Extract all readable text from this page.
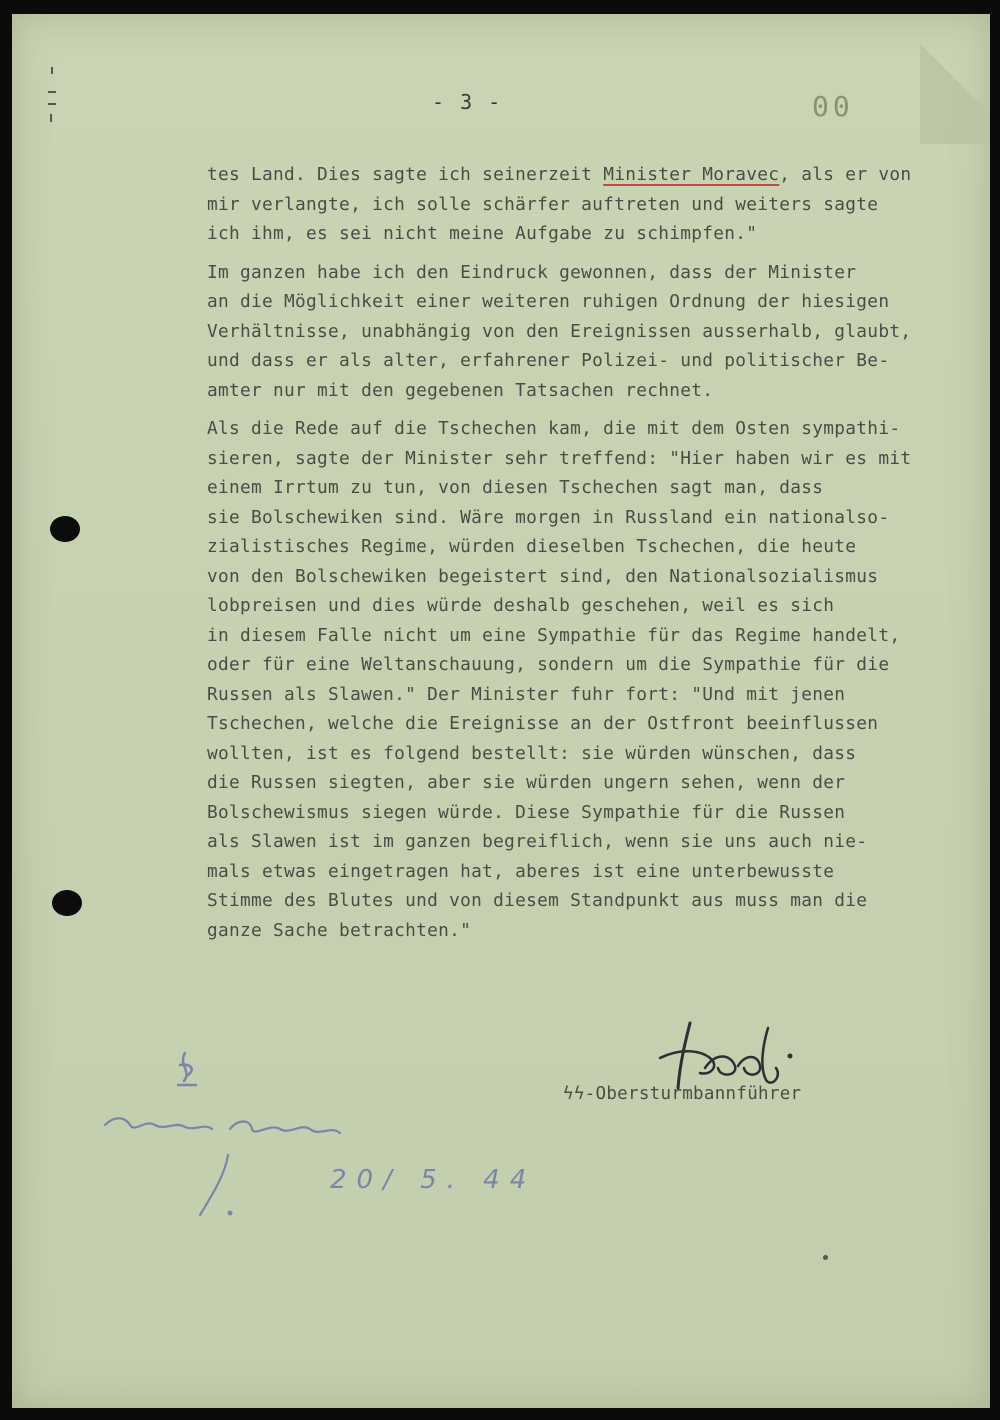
- 3 -	00
tes Land. Dies sagte ich seinerzeit Minister Moravec, als er von
mir verlangte, ich solle schärfer auftreten und weiters sagte
ich ihm, es sei nicht meine Aufgabe zu schimpfen."
Im ganzen habe ich den Eindruck gewonnen, dass der Minister
an die Möglichkeit einer weiteren ruhigen Ordnung der hiesigen
Verhältnisse, unabhängig von den Ereignissen ausserhalb, glaubt,
und dass er als alter, erfahrener Polizei- und politischer Be-
amter nur mit den gegebenen Tatsachen rechnet.
Als die Rede auf die Tschechen kam, die mit dem Osten sympathi-
sieren, sagte der Minister sehr treffend: "Hier haben wir es mit
einem Irrtum zu tun, von diesen Tschechen sagt man, dass
sie Bolschewiken sind. Wäre morgen in Russland ein nationalso-
zialistisches Regime, würden dieselben Tschechen, die heute
von den Bolschewiken begeistert sind, den Nationalsozialismus
lobpreisen und dies würde deshalb geschehen, weil es sich
in diesem Falle nicht um eine Sympathie für das Regime handelt,
oder für eine Weltanschauung, sondern um die Sympathie für die
Russen als Slawen." Der Minister fuhr fort: "Und mit jenen
Tschechen, welche die Ereignisse an der Ostfront beeinflussen
wollten, ist es folgend bestellt: sie würden wünschen, dass
die Russen siegten, aber sie würden ungern sehen, wenn der
Bolschewismus siegen würde. Diese Sympathie für die Russen
als Slawen ist im ganzen begreiflich, wenn sie uns auch nie-
mals etwas eingetragen hat, aberes ist eine unterbewusste
Stimme des Blutes und von diesem Standpunkt aus muss man die
ganze Sache betrachten."
ϟϟ-Obersturmbannführer
20/ 5. 44
